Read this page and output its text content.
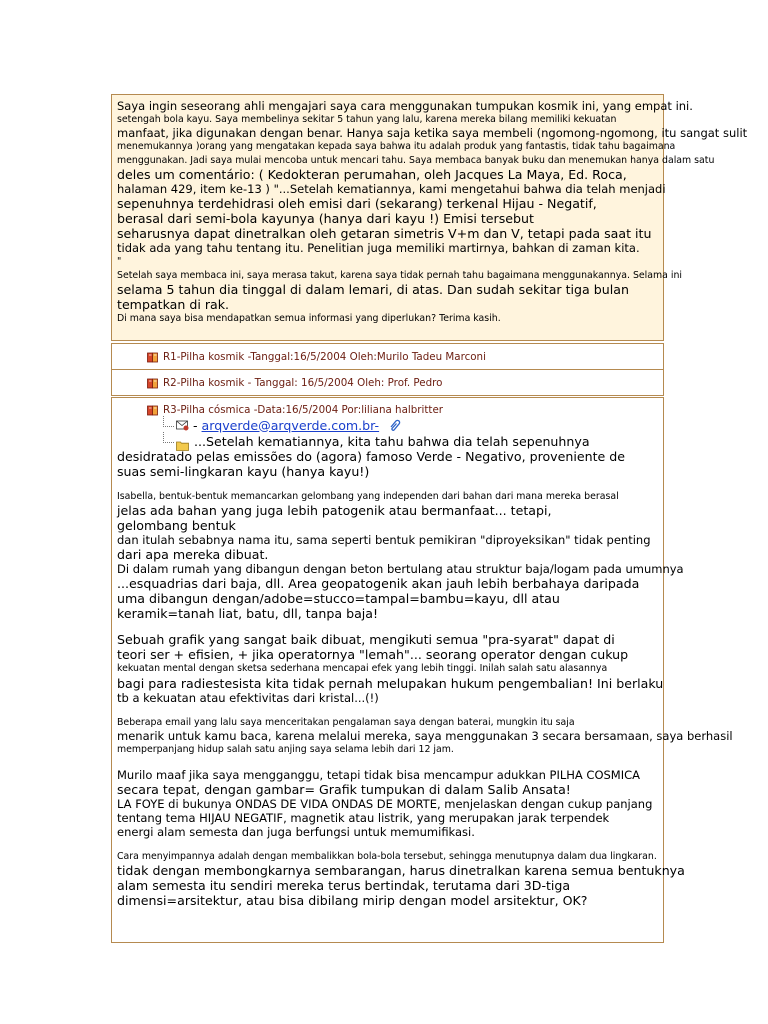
Saya ingin seseorang ahli mengajari saya cara menggunakan tumpukan kosmik ini, yang empat ini.
setengah bola kayu. Saya membelinya sekitar 5 tahun yang lalu, karena mereka bilang memiliki kekuatan
manfaat, jika digunakan dengan benar. Hanya saja ketika saya membeli (ngomong-ngomong, itu sangat sulit
menemukannya )orang yang mengatakan kepada saya bahwa itu adalah produk yang fantastis, tidak tahu bagaimana
menggunakan. Jadi saya mulai mencoba untuk mencari tahu. Saya membaca banyak buku dan menemukan hanya dalam satu
deles um comentário: ( Kedokteran perumahan, oleh Jacques La Maya, Ed. Roca,
halaman 429, item ke-13 ) "...Setelah kematiannya, kami mengetahui bahwa dia telah menjadi
sepenuhnya terdehidrasi oleh emisi dari (sekarang) terkenal Hijau - Negatif,
berasal dari semi-bola kayunya (hanya dari kayu !) Emisi tersebut
seharusnya dapat dinetralkan oleh getaran simetris V+m dan V, tetapi pada saat itu
tidak ada yang tahu tentang itu. Penelitian juga memiliki martirnya, bahkan di zaman kita.
"
Setelah saya membaca ini, saya merasa takut, karena saya tidak pernah tahu bagaimana menggunakannya. Selama ini
selama 5 tahun dia tinggal di dalam lemari, di atas. Dan sudah sekitar tiga bulan
tempatkan di rak.
Di mana saya bisa mendapatkan semua informasi yang diperlukan? Terima kasih.
R1-Pilha kosmik -Tanggal:16/5/2004 Oleh:Murilo Tadeu Marconi
R2-Pilha kosmik - Tanggal: 16/5/2004 Oleh: Prof. Pedro
R3-Pilha cósmica -Data:16/5/2004 Por:liliana halbritter
- arqverde@arqverde.com.br-
...Setelah kematiannya, kita tahu bahwa dia telah sepenuhnya
desidratado pelas emissões do (agora) famoso Verde - Negativo, proveniente de
suas semi-lingkaran kayu (hanya kayu!)
Isabella, bentuk-bentuk memancarkan gelombang yang independen dari bahan dari mana mereka berasal
jelas ada bahan yang juga lebih patogenik atau bermanfaat... tetapi,
gelombang bentuk
dan itulah sebabnya nama itu, sama seperti bentuk pemikiran "diproyeksikan" tidak penting
dari apa mereka dibuat.
Di dalam rumah yang dibangun dengan beton bertulang atau struktur baja/logam pada umumnya
...esquadrias dari baja, dll. Area geopatogenik akan jauh lebih berbahaya daripada
uma dibangun dengan/adobe=stucco=tampal=bambu=kayu, dll atau
keramik=tanah liat, batu, dll, tanpa baja!
Sebuah grafik yang sangat baik dibuat, mengikuti semua "pra-syarat" dapat di
teori ser + efisien, + jika operatornya "lemah"... seorang operator dengan cukup
kekuatan mental dengan sketsa sederhana mencapai efek yang lebih tinggi. Inilah salah satu alasannya
bagi para radiestesista kita tidak pernah melupakan hukum pengembalian! Ini berlaku
tb a kekuatan atau efektivitas dari kristal...(!)
Beberapa email yang lalu saya menceritakan pengalaman saya dengan baterai, mungkin itu saja
menarik untuk kamu baca, karena melalui mereka, saya menggunakan 3 secara bersamaan, saya berhasil
memperpanjang hidup salah satu anjing saya selama lebih dari 12 jam.
Murilo maaf jika saya mengganggu, tetapi tidak bisa mencampur adukkan PILHA COSMICA
secara tepat, dengan gambar= Grafik tumpukan di dalam Salib Ansata!
LA FOYE di bukunya ONDAS DE VIDA ONDAS DE MORTE, menjelaskan dengan cukup panjang
tentang tema HIJAU NEGATIF, magnetik atau listrik, yang merupakan jarak terpendek
energi alam semesta dan juga berfungsi untuk memumifikasi.
Cara menyimpannya adalah dengan membalikkan bola-bola tersebut, sehingga menutupnya dalam dua lingkaran.
tidak dengan membongkarnya sembarangan, harus dinetralkan karena semua bentuknya
alam semesta itu sendiri mereka terus bertindak, terutama dari 3D-tiga
dimensi=arsitektur, atau bisa dibilang mirip dengan model arsitektur, OK?
